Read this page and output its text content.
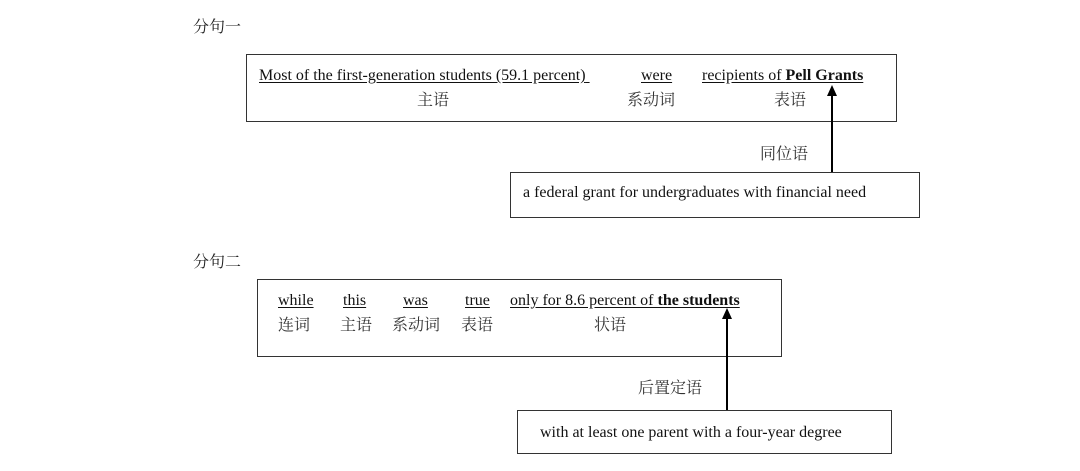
分句一
Most of the first-generation students (59.1 percent)	were recipients of Pell Grants
主语	系动词	表语
同位语
a federal grant for undergraduates with financial need
分句二
while this was true only for 8.6 percent of the students
连词 主语 系动词 表语	状语
后置定语
with at least one parent with a four-year degree
